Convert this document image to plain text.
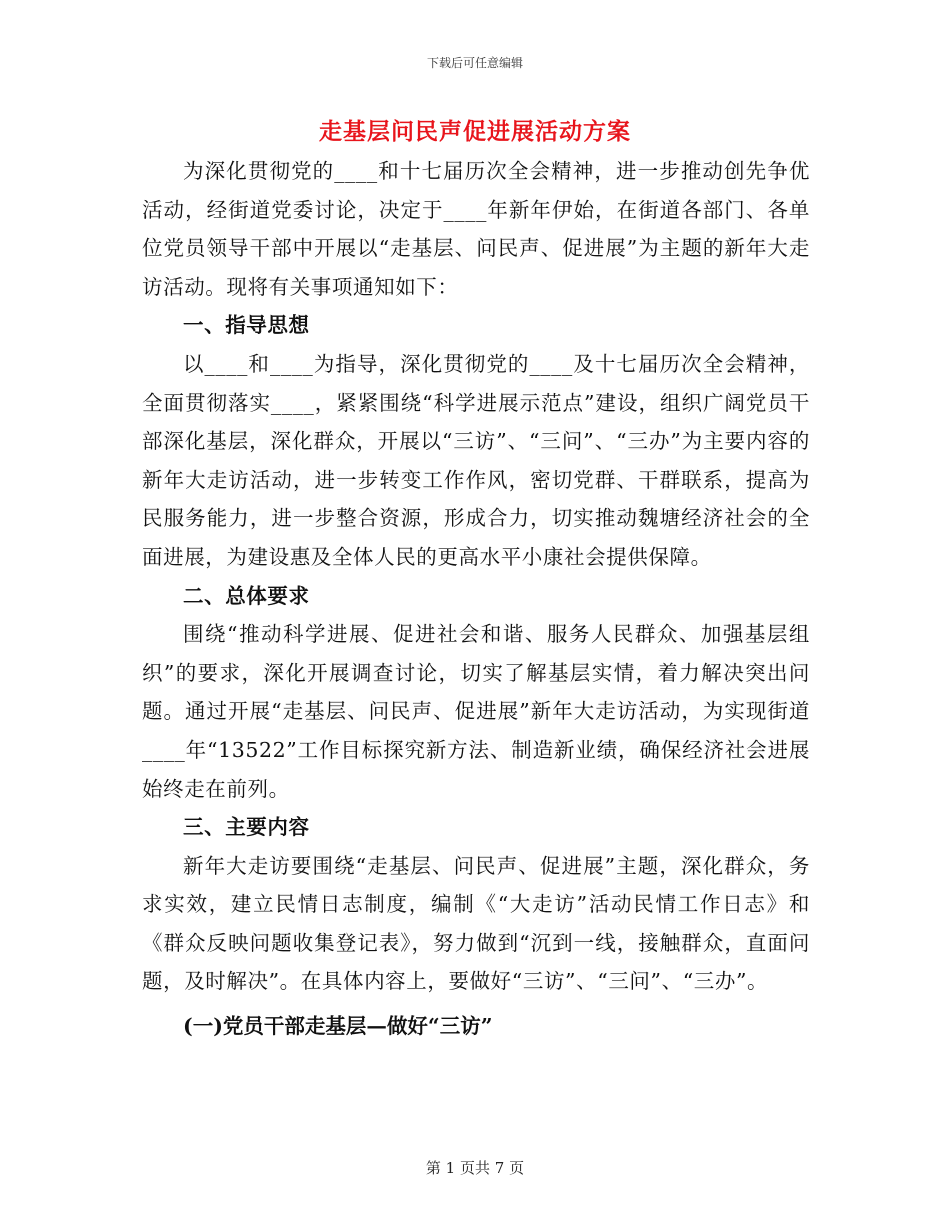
下载后可任意编辑
走基层问民声促进展活动方案

为深化贯彻党的____和十七届历次全会精神，进一步推动创先争优活动，经街道党委讨论，决定于____年新年伊始，在街道各部门、各单位党员领导干部中开展以“走基层、问民声、促进展”为主题的新年大走访活动。现将有关事项通知如下：

一、指导思想

以____和____为指导，深化贯彻党的____及十七届历次全会精神，全面贯彻落实____，紧紧围绕“科学进展示范点”建设，组织广阔党员干部深化基层，深化群众，开展以“三访”、“三问”、“三办”为主要内容的新年大走访活动，进一步转变工作作风，密切党群、干群联系，提高为民服务能力，进一步整合资源，形成合力，切实推动魏塘经济社会的全面进展，为建设惠及全体人民的更高水平小康社会提供保障。

二、总体要求

围绕“推动科学进展、促进社会和谐、服务人民群众、加强基层组织”的要求，深化开展调查讨论，切实了解基层实情，着力解决突出问题。通过开展“走基层、问民声、促进展”新年大走访活动，为实现街道____年“13522”工作目标探究新方法、制造新业绩，确保经济社会进展始终走在前列。

三、主要内容

新年大走访要围绕“走基层、问民声、促进展”主题，深化群众，务求实效，建立民情日志制度，编制《“大走访”活动民情工作日志》和《群众反映问题收集登记表》，努力做到“沉到一线，接触群众，直面问题，及时解决”。在具体内容上，要做好“三访”、“三问”、“三办”。

(一)党员干部走基层—做好“三访”

第 1 页共 7 页
